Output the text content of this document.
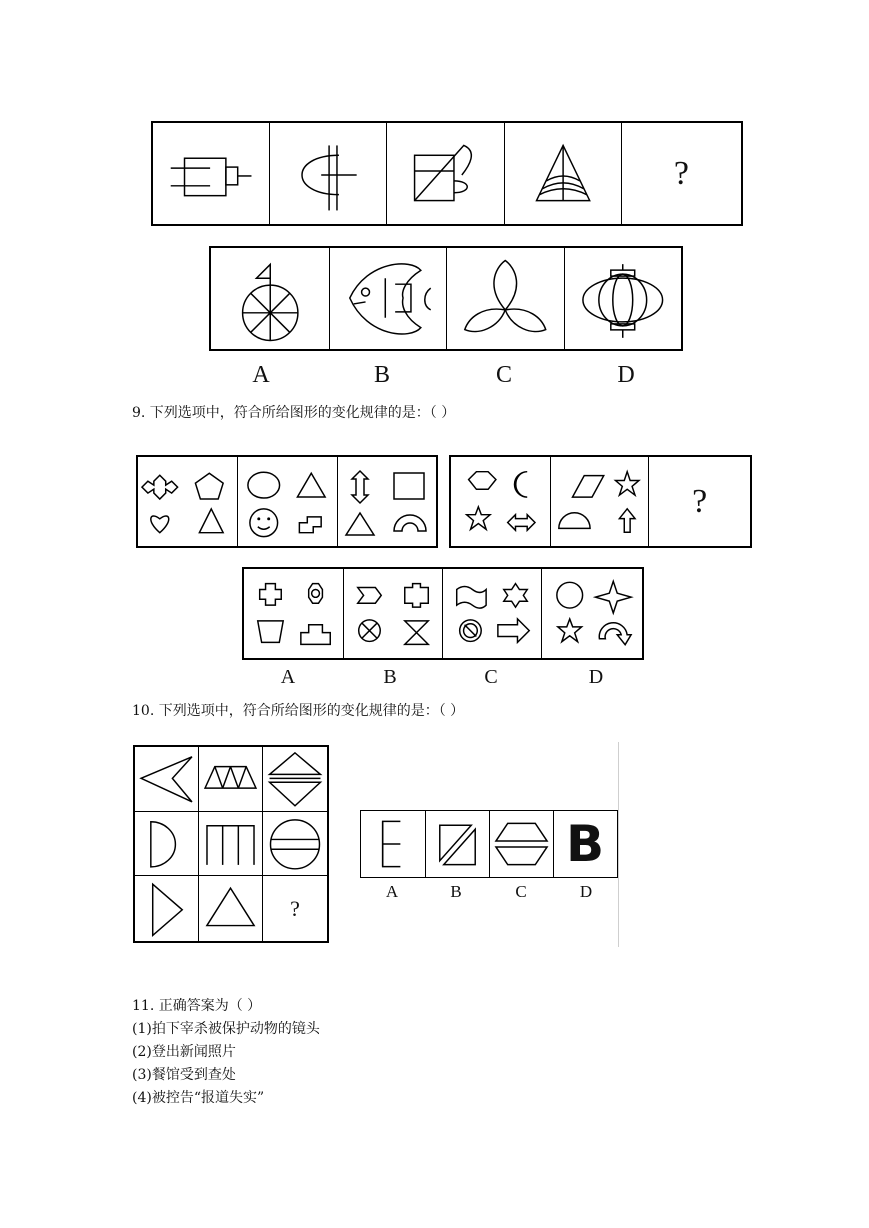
?
A	B	C	D
9. 下列选项中，符合所给图形的变化规律的是：（ ）
?
A	B	C	D
10. 下列选项中，符合所给图形的变化规律的是：（ ）
?
B
A	B	C	D
11. 正确答案为（ ）
(1)拍下宰杀被保护动物的镜头
(2)登出新闻照片
(3)餐馆受到查处
(4)被控告“报道失实”
